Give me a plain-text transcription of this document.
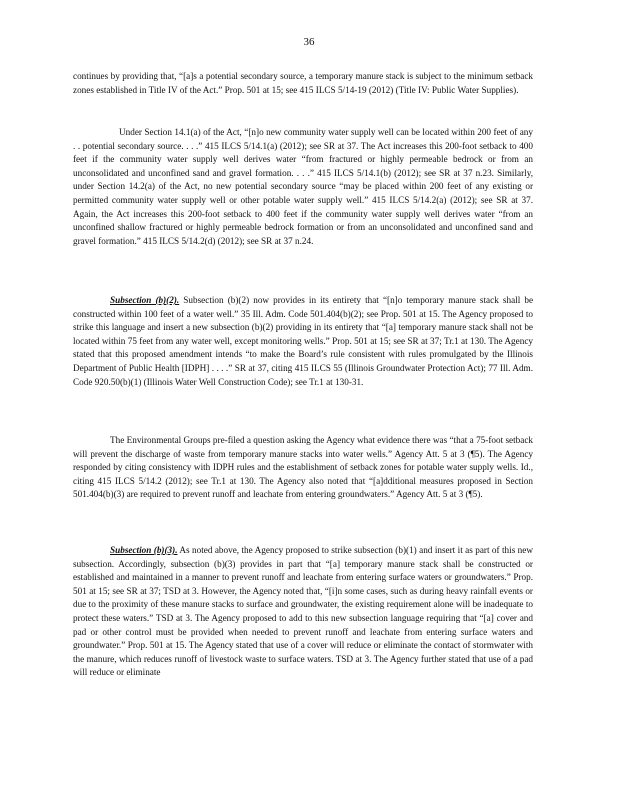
36

continues by providing that, “[a]s a potential secondary source, a temporary manure stack is subject to the minimum setback zones established in Title IV of the Act.” Prop. 501 at 15; see 415 ILCS 5/14-19 (2012) (Title IV: Public Water Supplies).

Under Section 14.1(a) of the Act, “[n]o new community water supply well can be located within 200 feet of any . . potential secondary source. . . .” 415 ILCS 5/14.1(a) (2012); see SR at 37. The Act increases this 200-foot setback to 400 feet if the community water supply well derives water “from fractured or highly permeable bedrock or from an unconsolidated and unconfined sand and gravel formation. . . .” 415 ILCS 5/14.1(b) (2012); see SR at 37 n.23. Similarly, under Section 14.2(a) of the Act, no new potential secondary source “may be placed within 200 feet of any existing or permitted community water supply well or other potable water supply well.” 415 ILCS 5/14.2(a) (2012); see SR at 37. Again, the Act increases this 200-foot setback to 400 feet if the community water supply well derives water “from an unconfined shallow fractured or highly permeable bedrock formation or from an unconsolidated and unconfined sand and gravel formation.” 415 ILCS 5/14.2(d) (2012); see SR at 37 n.24.

Subsection (b)(2). Subsection (b)(2) now provides in its entirety that “[n]o temporary manure stack shall be constructed within 100 feet of a water well.” 35 Ill. Adm. Code 501.404(b)(2); see Prop. 501 at 15. The Agency proposed to strike this language and insert a new subsection (b)(2) providing in its entirety that “[a] temporary manure stack shall not be located within 75 feet from any water well, except monitoring wells.” Prop. 501 at 15; see SR at 37; Tr.1 at 130. The Agency stated that this proposed amendment intends “to make the Board’s rule consistent with rules promulgated by the Illinois Department of Public Health [IDPH] . . . .” SR at 37, citing 415 ILCS 55 (Illinois Groundwater Protection Act); 77 Ill. Adm. Code 920.50(b)(1) (Illinois Water Well Construction Code); see Tr.1 at 130-31.

The Environmental Groups pre-filed a question asking the Agency what evidence there was “that a 75-foot setback will prevent the discharge of waste from temporary manure stacks into water wells.” Agency Att. 5 at 3 (¶5). The Agency responded by citing consistency with IDPH rules and the establishment of setback zones for potable water supply wells. Id., citing 415 ILCS 5/14.2 (2012); see Tr.1 at 130. The Agency also noted that “[a]dditional measures proposed in Section 501.404(b)(3) are required to prevent runoff and leachate from entering groundwaters.” Agency Att. 5 at 3 (¶5).

Subsection (b)(3). As noted above, the Agency proposed to strike subsection (b)(1) and insert it as part of this new subsection. Accordingly, subsection (b)(3) provides in part that “[a] temporary manure stack shall be constructed or established and maintained in a manner to prevent runoff and leachate from entering surface waters or groundwaters.” Prop. 501 at 15; see SR at 37; TSD at 3. However, the Agency noted that, “[i]n some cases, such as during heavy rainfall events or due to the proximity of these manure stacks to surface and groundwater, the existing requirement alone will be inadequate to protect these waters.” TSD at 3. The Agency proposed to add to this new subsection language requiring that “[a] cover and pad or other control must be provided when needed to prevent runoff and leachate from entering surface waters and groundwater.” Prop. 501 at 15. The Agency stated that use of a cover will reduce or eliminate the contact of stormwater with the manure, which reduces runoff of livestock waste to surface waters. TSD at 3. The Agency further stated that use of a pad will reduce or eliminate
